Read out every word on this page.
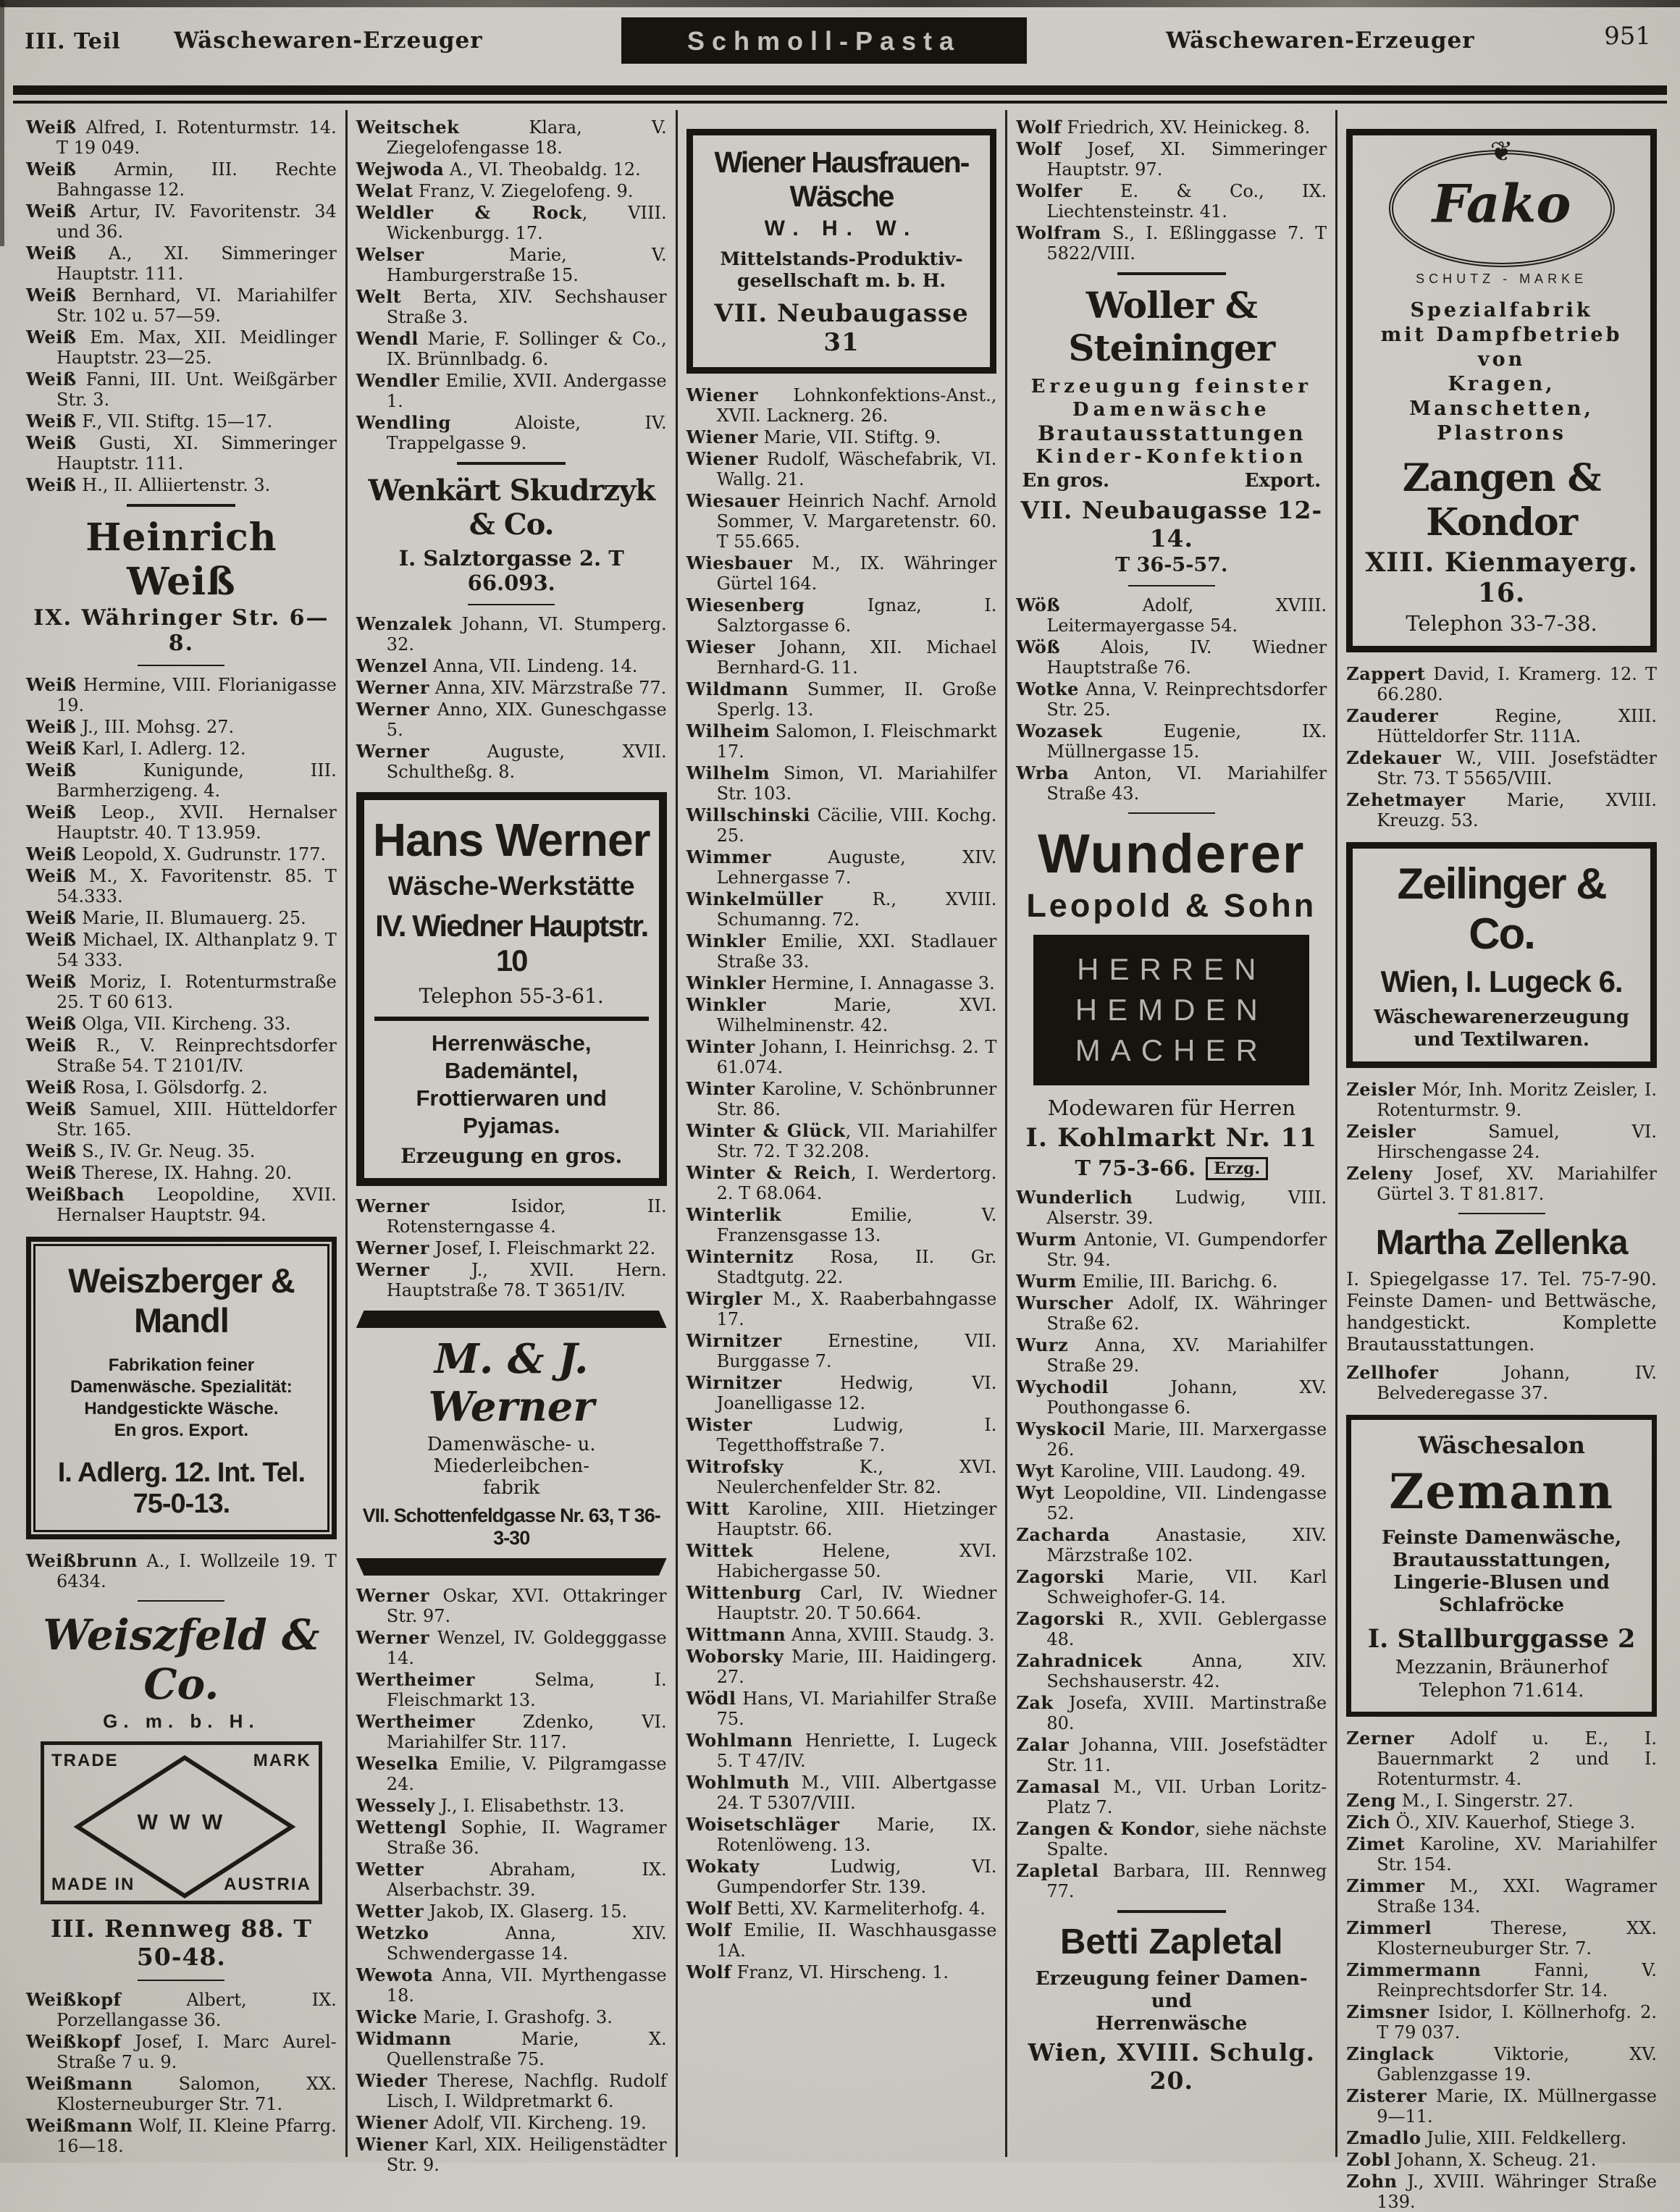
III. Teil Wäschewaren-Erzeuger	Schmoll-Pasta	Wäschewaren-Erzeuger	951

Weiß Alfred, I. Rotenturmstr. 14. T 19 049.

Weiß Armin, III. Rechte Bahngasse 12.

Weiß Artur, IV. Favoritenstr. 34 und 36.

Weiß A., XI. Simmeringer Hauptstr. 111.

Weiß Bernhard, VI. Mariahilfer Str. 102 u. 57—59.

Weiß Em. Max, XII. Meidlinger Hauptstr. 23—25.

Weiß Fanni, III. Unt. Weißgärber Str. 3.

Weiß F., VII. Stiftg. 15—17.

Weiß Gusti, XI. Simmeringer Hauptstr. 111.

Weiß H., II. Alliiertenstr. 3.

Heinrich Weiß
IX. Währinger Str. 6—8.

Weiß Hermine, VIII. Florianigasse 19.

Weiß J., III. Mohsg. 27.

Weiß Karl, I. Adlerg. 12.

Weiß Kunigunde, III. Barmherzigeng. 4.

Weiß Leop., XVII. Hernalser Hauptstr. 40. T 13.959.

Weiß Leopold, X. Gudrunstr. 177.

Weiß M., X. Favoritenstr. 85. T 54.333.

Weiß Marie, II. Blumauerg. 25.

Weiß Michael, IX. Althanplatz 9. T 54 333.

Weiß Moriz, I. Rotenturmstraße 25. T 60 613.

Weiß Olga, VII. Kircheng. 33.

Weiß R., V. Reinprechtsdorfer Straße 54. T 2101/IV.

Weiß Rosa, I. Gölsdorfg. 2.

Weiß Samuel, XIII. Hütteldorfer Str. 165.

Weiß S., IV. Gr. Neug. 35.

Weiß Therese, IX. Hahng. 20.

Weißbach Leopoldine, XVII. Hernalser Hauptstr. 94.

Weiszberger & Mandl
Fabrikation feiner
Damenwäsche. Spezialität:
Handgestickte Wäsche.
En gros. Export.
I. Adlerg. 12. Int. Tel. 75-0-13.

Weißbrunn A., I. Wollzeile 19. T 6434.

Weiszfeld & Co.
G. m. b. H.
TRADE	MARK
MADE IN	AUSTRIA
W W W
III. Rennweg 88. T 50-48.

Weißkopf Albert, IX. Porzellangasse 36.

Weißkopf Josef, I. Marc Aurel-Straße 7 u. 9.

Weißmann Salomon, XX. Klosterneuburger Str. 71.

Weißmann Wolf, II. Kleine Pfarrg. 16—18.

Weitschek Klara, V. Ziegelofengasse 18.

Wejwoda A., VI. Theobaldg. 12.

Welat Franz, V. Ziegelofeng. 9.

Weldler & Rock, VIII. Wickenburgg. 17.

Welser Marie, V. Hamburgerstraße 15.

Welt Berta, XIV. Sechshauser Straße 3.

Wendl Marie, F. Sollinger & Co., IX. Brünnlbadg. 6.

Wendler Emilie, XVII. Andergasse 1.

Wendling Aloiste, IV. Trappelgasse 9.

Wenkärt Skudrzyk & Co.
I. Salztorgasse 2. T 66.093.

Wenzalek Johann, VI. Stumperg. 32.

Wenzel Anna, VII. Lindeng. 14.

Werner Anna, XIV. Märzstraße 77.

Werner Anno, XIX. Guneschgasse 5.

Werner Auguste, XVII. Schultheßg. 8.

Hans Werner
Wäsche-Werkstätte
IV. Wiedner Hauptstr. 10
Telephon 55-3-61.
Herrenwäsche, Bademäntel,
Frottierwaren und Pyjamas.
Erzeugung en gros.

Werner Isidor, II. Rotensterngasse 4.

Werner Josef, I. Fleischmarkt 22.

Werner J., XVII. Hern. Hauptstraße 78. T 3651/IV.

M. & J. Werner
Damenwäsche- u. Miederleibchen-
fabrik
VII. Schottenfeldgasse Nr. 63, T 36-3-30

Werner Oskar, XVI. Ottakringer Str. 97.

Werner Wenzel, IV. Goldegggasse 14.

Wertheimer Selma, I. Fleischmarkt 13.

Wertheimer Zdenko, VI. Mariahilfer Str. 117.

Weselka Emilie, V. Pilgramgasse 24.

Wessely J., I. Elisabethstr. 13.

Wettengl Sophie, II. Wagramer Straße 36.

Wetter Abraham, IX. Alserbachstr. 39.

Wetter Jakob, IX. Glaserg. 15.

Wetzko Anna, XIV. Schwendergasse 14.

Wewota Anna, VII. Myrthengasse 18.

Wicke Marie, I. Grashofg. 3.

Widmann Marie, X. Quellenstraße 75.

Wieder Therese, Nachflg. Rudolf Lisch, I. Wildpretmarkt 6.

Wiener Adolf, VII. Kircheng. 19.

Wiener Karl, XIX. Heiligenstädter Str. 9.

Wiener Hausfrauen-Wäsche
W. H. W.
Mittelstands-Produktiv-
gesellschaft m. b. H.
VII. Neubaugasse 31

Wiener Lohnkonfektions-Anst., XVII. Lacknerg. 26.

Wiener Marie, VII. Stiftg. 9.

Wiener Rudolf, Wäschefabrik, VI. Wallg. 21.

Wiesauer Heinrich Nachf. Arnold Sommer, V. Margaretenstr. 60. T 55.665.

Wiesbauer M., IX. Währinger Gürtel 164.

Wiesenberg Ignaz, I. Salztorgasse 6.

Wieser Johann, XII. Michael Bernhard-G. 11.

Wildmann Summer, II. Große Sperlg. 13.

Wilheim Salomon, I. Fleischmarkt 17.

Wilhelm Simon, VI. Mariahilfer Str. 103.

Willschinski Cäcilie, VIII. Kochg. 25.

Wimmer Auguste, XIV. Lehnergasse 7.

Winkelmüller R., XVIII. Schumanng. 72.

Winkler Emilie, XXI. Stadlauer Straße 33.

Winkler Hermine, I. Annagasse 3.

Winkler Marie, XVI. Wilhelminenstr. 42.

Winter Johann, I. Heinrichsg. 2. T 61.074.

Winter Karoline, V. Schönbrunner Str. 86.

Winter & Glück, VII. Mariahilfer Str. 72. T 32.208.

Winter & Reich, I. Werdertorg. 2. T 68.064.

Winterlik Emilie, V. Franzensgasse 13.

Winternitz Rosa, II. Gr. Stadtgutg. 22.

Wirgler M., X. Raaberbahngasse 17.

Wirnitzer Ernestine, VII. Burggasse 7.

Wirnitzer Hedwig, VI. Joanelligasse 12.

Wister Ludwig, I. Tegetthoffstraße 7.

Witrofsky K., XVI. Neulerchenfelder Str. 82.

Witt Karoline, XIII. Hietzinger Hauptstr. 66.

Wittek Helene, XVI. Habichergasse 50.

Wittenburg Carl, IV. Wiedner Hauptstr. 20. T 50.664.

Wittmann Anna, XVIII. Staudg. 3.

Woborsky Marie, III. Haidingerg. 27.

Wödl Hans, VI. Mariahilfer Straße 75.

Wohlmann Henriette, I. Lugeck 5. T 47/IV.

Wohlmuth M., VIII. Albertgasse 24. T 5307/VIII.

Woisetschläger Marie, IX. Rotenlöweng. 13.

Wokaty Ludwig, VI. Gumpendorfer Str. 139.

Wolf Betti, XV. Karmeliterhofg. 4.

Wolf Emilie, II. Waschhausgasse 1A.

Wolf Franz, VI. Hirscheng. 1.

Wolf Friedrich, XV. Heinickeg. 8.

Wolf Josef, XI. Simmeringer Hauptstr. 97.

Wolfer E. & Co., IX. Liechtensteinstr. 41.

Wolfram S., I. Eßlinggasse 7. T 5822/VIII.

Woller & Steininger
Erzeugung feinster
Damenwäsche
Brautausstattungen
Kinder-Konfektion
En gros.	Export.
VII. Neubaugasse 12-14.
T 36-5-57.

Wöß Adolf, XVIII. Leitermayergasse 54.

Wöß Alois, IV. Wiedner Hauptstraße 76.

Wotke Anna, V. Reinprechtsdorfer Str. 25.

Wozasek Eugenie, IX. Müllnergasse 15.

Wrba Anton, VI. Mariahilfer Straße 43.

Wunderer
Leopold & Sohn
HERREN
HEMDEN
MACHER
Modewaren für Herren
I. Kohlmarkt Nr. 11
T 75-3-66. Erzg.

Wunderlich Ludwig, VIII. Alserstr. 39.

Wurm Antonie, VI. Gumpendorfer Str. 94.

Wurm Emilie, III. Barichg. 6.

Wurscher Adolf, IX. Währinger Straße 62.

Wurz Anna, XV. Mariahilfer Straße 29.

Wychodil Johann, XV. Pouthongasse 6.

Wyskocil Marie, III. Marxergasse 26.

Wyt Karoline, VIII. Laudong. 49.

Wyt Leopoldine, VII. Lindengasse 52.

Zacharda Anastasie, XIV. Märzstraße 102.

Zagorski Marie, VII. Karl Schweighofer-G. 14.

Zagorski R., XVII. Geblergasse 48.

Zahradnicek Anna, XIV. Sechshauserstr. 42.

Zak Josefa, XVIII. Martinstraße 80.

Zalar Johanna, VIII. Josefstädter Str. 11.

Zamasal M., VII. Urban Loritz-Platz 7.

Zangen & Kondor, siehe nächste Spalte.

Zapletal Barbara, III. Rennweg 77.

Betti Zapletal
Erzeugung feiner Damen- und
Herrenwäsche
Wien, XVIII. Schulg. 20.
❦
Fako
SCHUTZ - MARKE
Spezialfabrik
mit Dampfbetrieb von
Kragen, Manschetten,
Plastrons
Zangen & Kondor
XIII. Kienmayerg. 16.
Telephon 33-7-38.

Zappert David, I. Kramerg. 12. T 66.280.

Zauderer Regine, XIII. Hütteldorfer Str. 111A.

Zdekauer W., VIII. Josefstädter Str. 73. T 5565/VIII.

Zehetmayer Marie, XVIII. Kreuzg. 53.

Zeilinger & Co.
Wien, I. Lugeck 6.
Wäschewarenerzeugung
und Textilwaren.

Zeisler Mór, Inh. Moritz Zeisler, I. Rotenturmstr. 9.

Zeisler Samuel, VI. Hirschengasse 24.

Zeleny Josef, XV. Mariahilfer Gürtel 3. T 81.817.

Martha Zellenka
I. Spiegelgasse 17. Tel. 75-7-90. Feinste Damen- und Bettwäsche, handgestickt. Komplette Brautausstattungen.

Zellhofer Johann, IV. Belvederegasse 37.

Wäschesalon
Zemann
Feinste Damenwäsche,
Brautausstattungen,
Lingerie-Blusen und
Schlafröcke
I. Stallburggasse 2
Mezzanin, Bräunerhof
Telephon 71.614.

Zerner Adolf u. E., I. Bauernmarkt 2 und I. Rotenturmstr. 4.

Zeng M., I. Singerstr. 27.

Zich Ö., XIV. Kauerhof, Stiege 3.

Zimet Karoline, XV. Mariahilfer Str. 154.

Zimmer M., XXI. Wagramer Straße 134.

Zimmerl Therese, XX. Klosterneuburger Str. 7.

Zimmermann Fanni, V. Reinprechtsdorfer Str. 14.

Zimsner Isidor, I. Köllnerhofg. 2. T 79 037.

Zinglack Viktorie, XV. Gablenzgasse 19.

Zisterer Marie, IX. Müllnergasse 9—11.

Zmadlo Julie, XIII. Feldkellerg.

Zobl Johann, X. Scheug. 21.

Zohn J., XVIII. Währinger Straße 139.
